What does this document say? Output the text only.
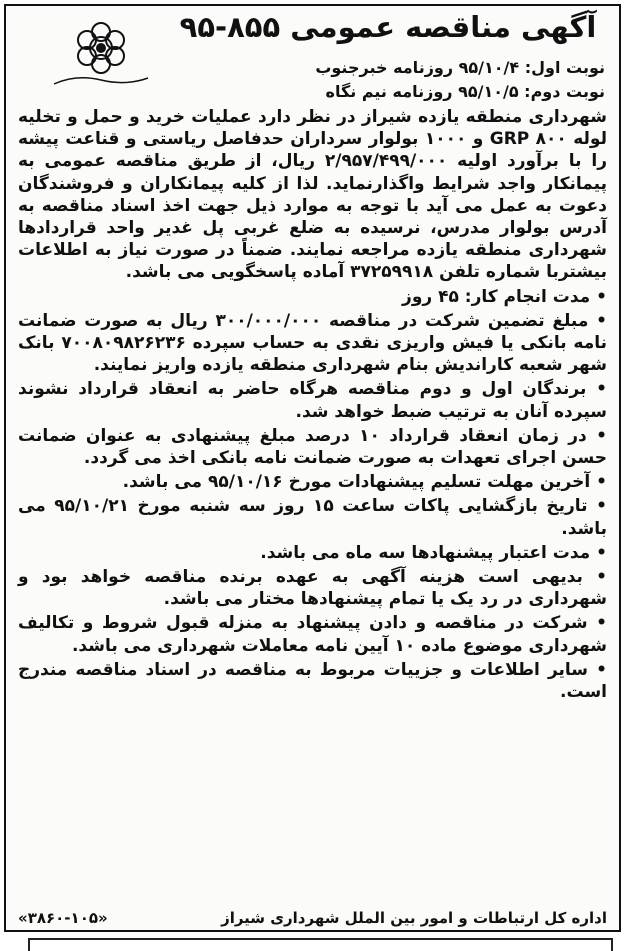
آگهی مناقصه عمومی ۸۵۵-۹۵
نوبت اول: ۹۵/۱۰/۴ روزنامه خبرجنوب
نوبت دوم: ۹۵/۱۰/۵ روزنامه نیم نگاه

شهرداری منطقه یازده شیراز در نظر دارد عملیات خرید و حمل و تخلیه لوله GRP ۸۰۰ و ۱۰۰۰ بولوار سرداران حدفاصل ریاستی و قناعت پیشه را با برآورد اولیه ۲/۹۵۷/۴۹۹/۰۰۰ ریال، از طریق مناقصه عمومی به پیمانکار واجد شرایط واگذارنماید. لذا از کلیه پیمانکاران و فروشندگان دعوت به عمل می آید با توجه به موارد ذیل جهت اخذ اسناد مناقصه به آدرس بولوار مدرس، نرسیده به ضلع غربی پل غدیر واحد قراردادها شهرداری منطقه یازده مراجعه نمایند. ضمناً در صورت نیاز به اطلاعات بیشتربا شماره تلفن ۳۷۲۵۹۹۱۸ آماده پاسخگویی می باشد.

• مدت انجام کار: ۴۵ روز

• مبلغ تضمین شرکت در مناقصه ۳۰۰/۰۰۰/۰۰۰ ریال به صورت ضمانت نامه بانکی یا فیش واریزی نقدی به حساب سپرده ۷۰۰۸۰۹۸۲۶۲۳۶ بانک شهر شعبه کارانديش بنام شهرداری منطقه یازده واریز نمایند.

• برندگان اول و دوم مناقصه هرگاه حاضر به انعقاد قرارداد نشوند سپرده آنان به ترتیب ضبط خواهد شد.

• در زمان انعقاد قرارداد ۱۰ درصد مبلغ پیشنهادی به عنوان ضمانت حسن اجرای تعهدات به صورت ضمانت نامه بانکی اخذ می گردد.

• آخرین مهلت تسلیم پیشنهادات مورخ ۹۵/۱۰/۱۶ می باشد.

• تاریخ بازگشایی پاکات ساعت ۱۵ روز سه شنبه مورخ ۹۵/۱۰/۲۱ می باشد.

• مدت اعتبار پیشنهادها سه ماه می باشد.

• بدیهی است هزینه آگهی به عهده برنده مناقصه خواهد بود و شهرداری در رد یک یا تمام پیشنهادها مختار می باشد.

• شرکت در مناقصه و دادن پیشنهاد به منزله قبول شروط و تکالیف شهرداری موضوع ماده ۱۰ آیین نامه معاملات شهرداری می باشد.

• سایر اطلاعات و جزییات مربوط به مناقصه در اسناد مناقصه مندرج است.

اداره کل ارتباطات و امور بین الملل شهرداری شیراز
«۳۸۶۰-۱۰۵»
